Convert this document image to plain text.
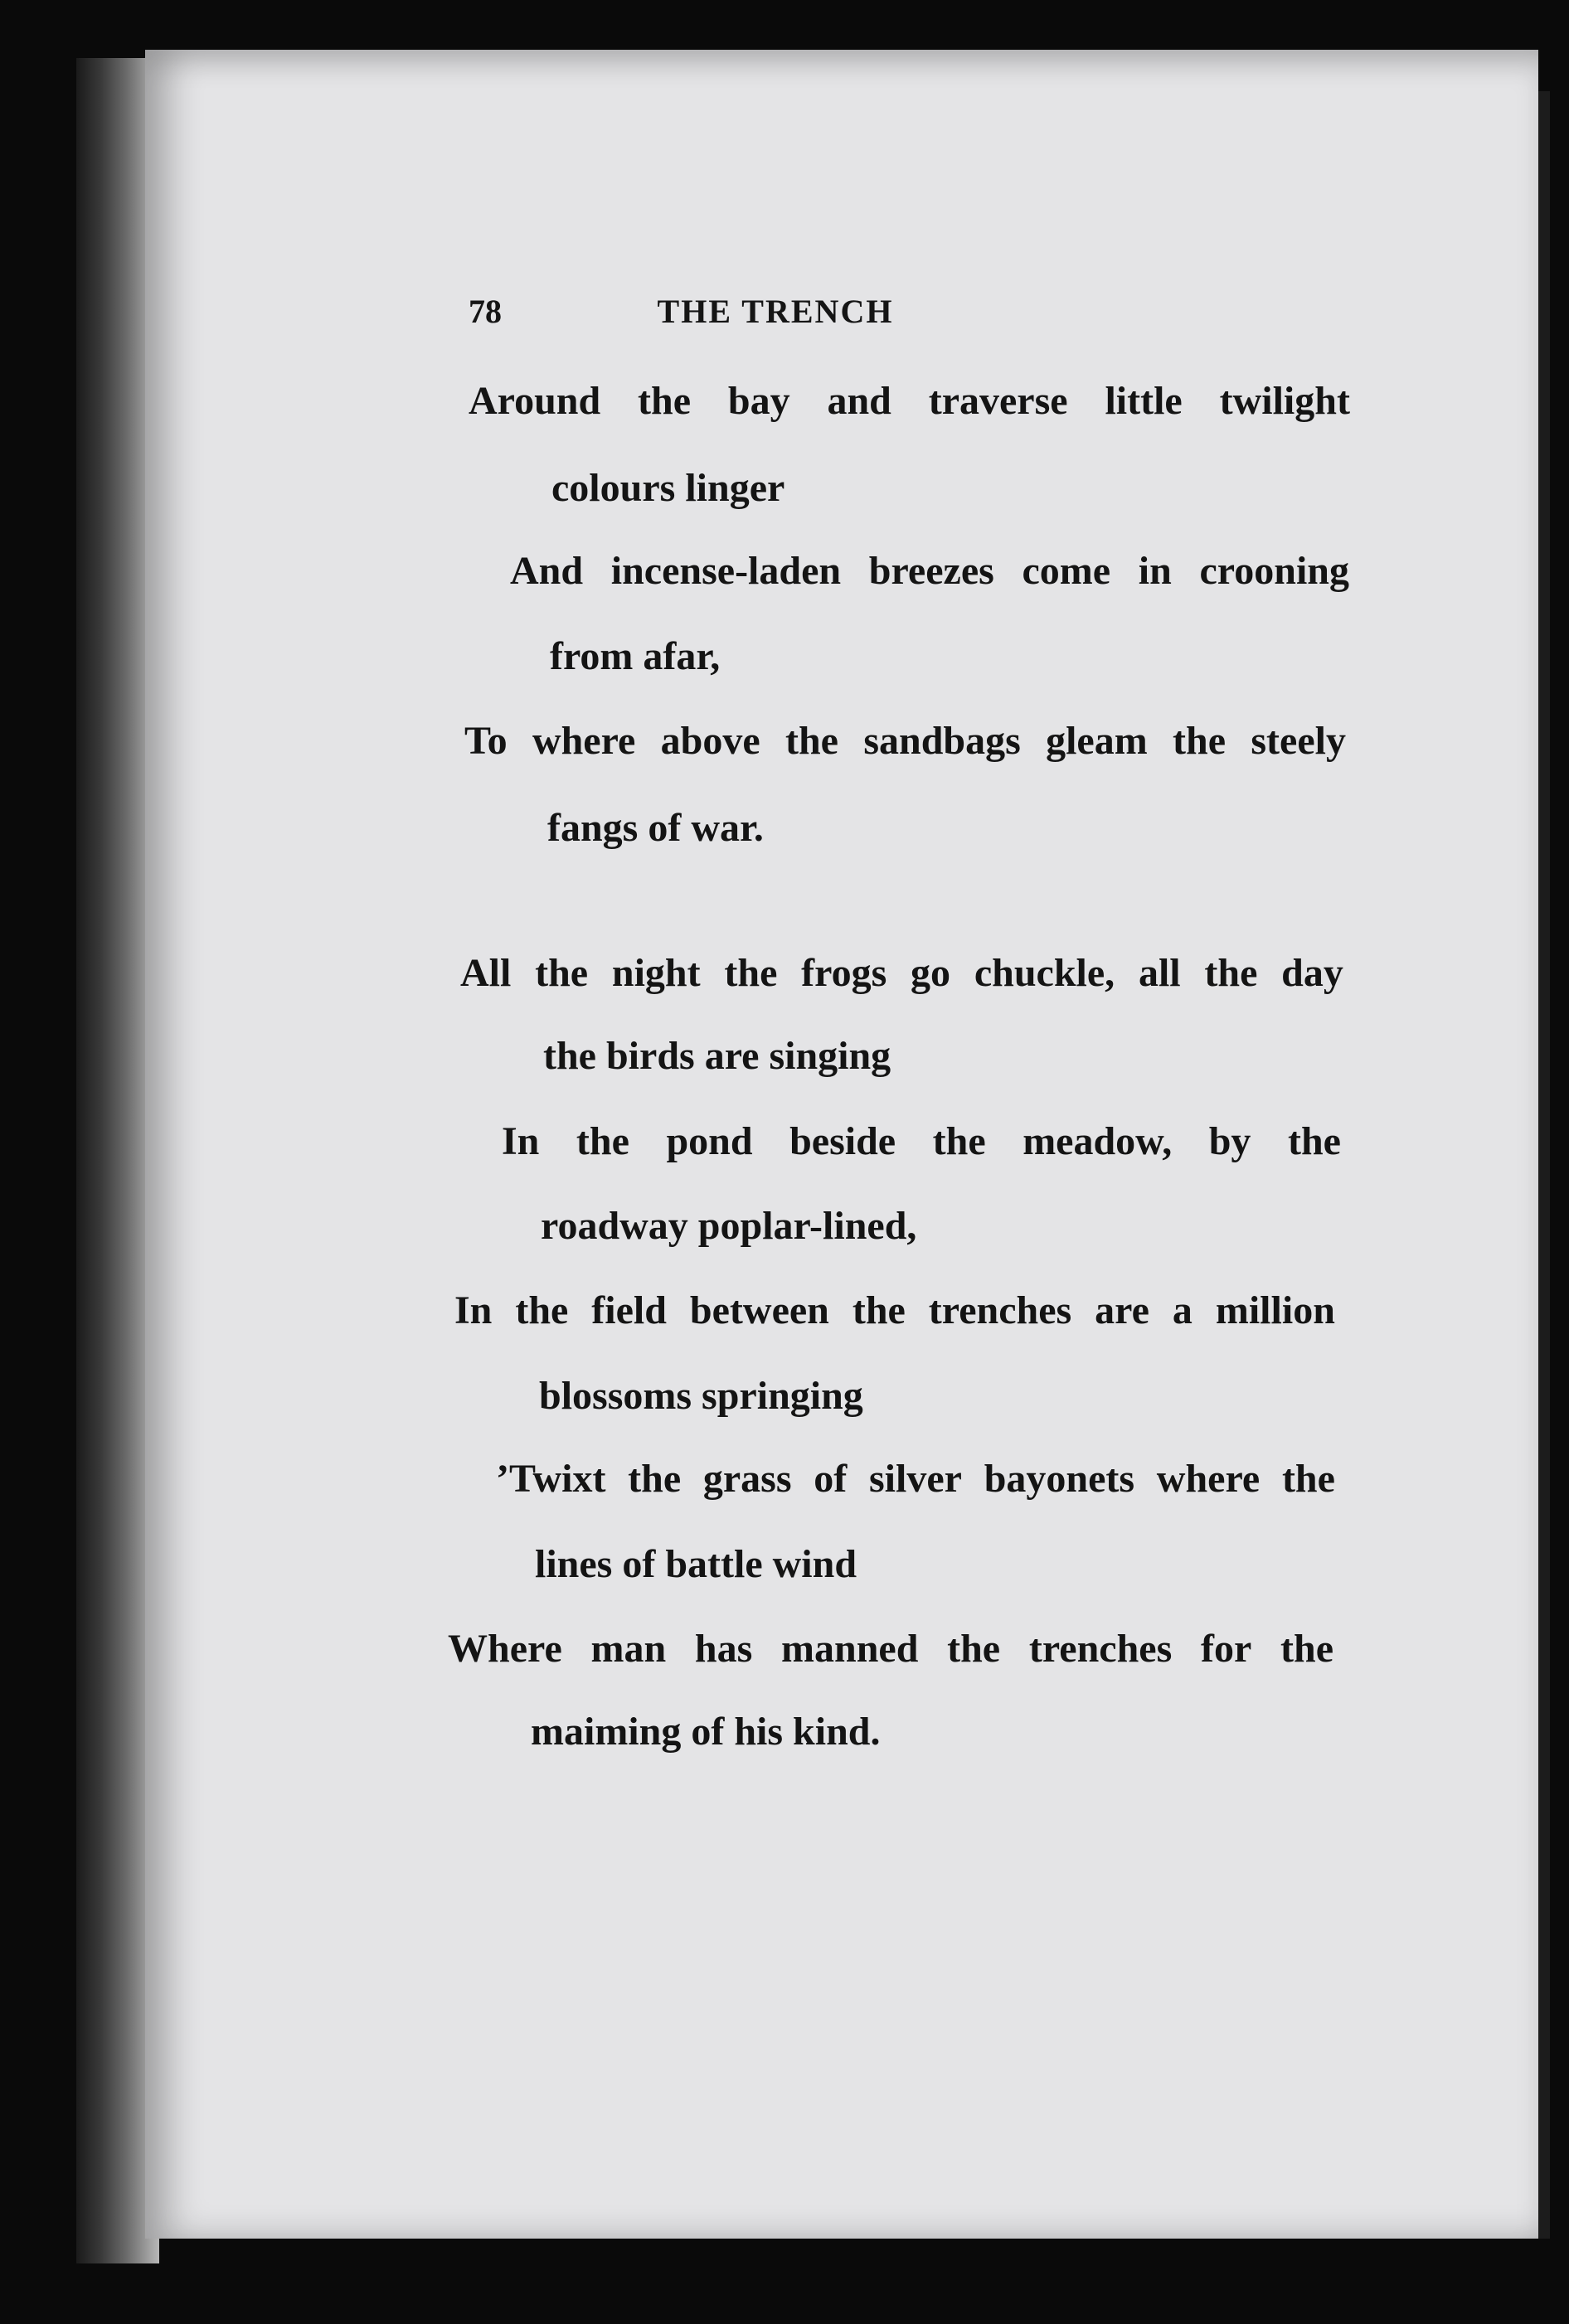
78	THE TRENCH
Around the bay and traverse little twilight
colours linger
And incense-laden breezes come in crooning
from afar,
To where above the sandbags gleam the steely
fangs of war.
All the night the frogs go chuckle, all the day
the birds are singing
In the pond beside the meadow, by the
roadway poplar-lined,
In the field between the trenches are a million
blossoms springing
’Twixt the grass of silver bayonets where the
lines of battle wind
Where man has manned the trenches for the
maiming of his kind.
